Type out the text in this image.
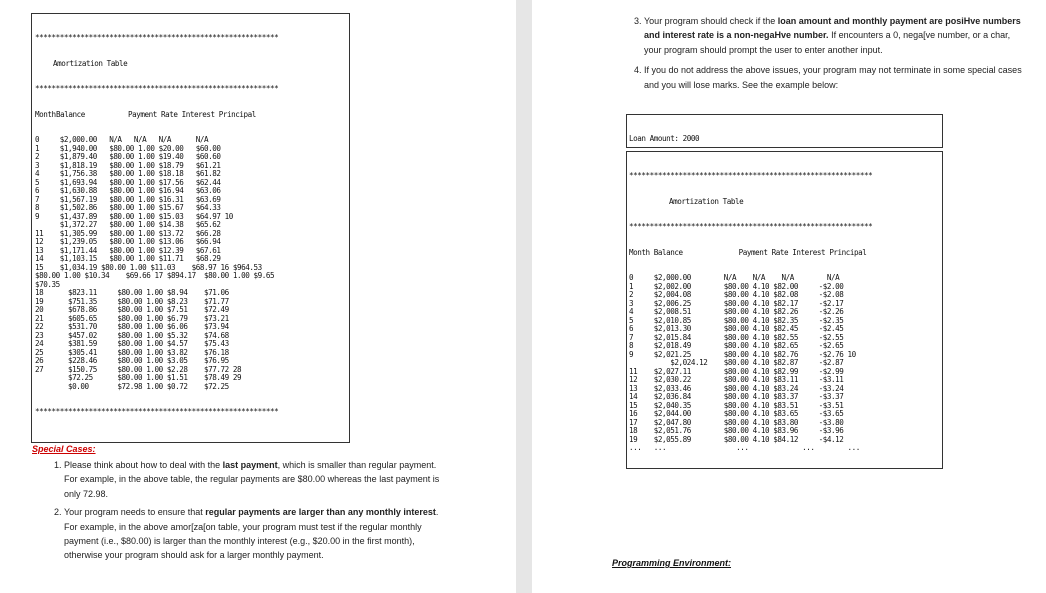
***********************************************************

Amortization Table

***********************************************************

MonthBalance	Payment Rate Interest Principal

0     $2,000.00   N/A   N/A   N/A      N/A
1     $1,940.00   $80.00 1.00 $20.00   $60.00
2     $1,879.40   $80.00 1.00 $19.40   $60.60
3     $1,818.19   $80.00 1.00 $18.79   $61.21
4     $1,756.38   $80.00 1.00 $18.18   $61.82
5     $1,693.94   $80.00 1.00 $17.56   $62.44
6     $1,630.88   $80.00 1.00 $16.94   $63.06
7     $1,567.19   $80.00 1.00 $16.31   $63.69
8     $1,502.86   $80.00 1.00 $15.67   $64.33
9     $1,437.89   $80.00 1.00 $15.03   $64.97 10
$1,372.27   $80.00 1.00 $14.38   $65.62
11    $1,305.99   $80.00 1.00 $13.72   $66.28
12    $1,239.05   $80.00 1.00 $13.06   $66.94
13    $1,171.44   $80.00 1.00 $12.39   $67.61
14    $1,103.15   $80.00 1.00 $11.71   $68.29
15    $1,034.19 $80.00 1.00 $11.03    $68.97 16 $964.53
$80.00 1.00 $10.34    $69.66 17 $894.17  $80.00 1.00 $9.65
$70.35
18      $823.11     $80.00 1.00 $8.94    $71.06
19      $751.35     $80.00 1.00 $8.23    $71.77
20      $678.86     $80.00 1.00 $7.51    $72.49
21      $605.65     $80.00 1.00 $6.79    $73.21
22      $531.70     $80.00 1.00 $6.06    $73.94
23      $457.02     $80.00 1.00 $5.32    $74.68
24      $381.59     $80.00 1.00 $4.57    $75.43
25      $305.41     $80.00 1.00 $3.82    $76.18
26      $228.46     $80.00 1.00 $3.05    $76.95
27      $150.75     $80.00 1.00 $2.28    $77.72 28
$72.25      $80.00 1.00 $1.51    $78.49 29
$0.00       $72.98 1.00 $0.72    $72.25

***********************************************************

Special Cases:
1. Please think about how to deal with the last payment, which is smaller than regular payment. For example, in the above table, the regular payments are $80.00 whereas the last payment is only 72.98.
2. Your program needs to ensure that regular payments are larger than any monthly interest. For example, in the above amor[za[on table, your program must test if the regular monthly payment (i.e., $80.00) is larger than the monthly interest (e.g., $20.00 in the first month), otherwise your program should ask for a larger monthly payment.
3. Your program should check if the loan amount and monthly payment are posiHve numbers and interest rate is a non-negaHve number. If encounters a 0, nega[ve number, or a char, your program should prompt the user to enter another input.
4. If you do not address the above issues, your program may not terminate in some special cases and you will lose marks. See the example below:

Loan Amount: 2000

***********************************************************

Amortization Table

***********************************************************

Month Balance	Payment Rate Interest Principal

0     $2,000.00        N/A    N/A    N/A        N/A
1     $2,002.00        $80.00 4.10 $82.00     -$2.00
2     $2,004.08        $80.00 4.10 $82.08     -$2.08
3     $2,006.25        $80.00 4.10 $82.17     -$2.17
4     $2,008.51        $80.00 4.10 $82.26     -$2.26
5     $2,010.85        $80.00 4.10 $82.35     -$2.35
6     $2,013.30        $80.00 4.10 $82.45     -$2.45
7     $2,015.84        $80.00 4.10 $82.55     -$2.55
8     $2,018.49        $80.00 4.10 $82.65     -$2.65
9     $2,021.25        $80.00 4.10 $82.76     -$2.76 10
$2,024.12    $80.00 4.10 $82.87     -$2.87
11    $2,027.11        $80.00 4.10 $82.99     -$2.99
12    $2,030.22        $80.00 4.10 $83.11     -$3.11
13    $2,033.46        $80.00 4.10 $83.24     -$3.24
14    $2,036.84        $80.00 4.10 $83.37     -$3.37
15    $2,040.35        $80.00 4.10 $83.51     -$3.51
16    $2,044.00        $80.00 4.10 $83.65     -$3.65
17    $2,047.80        $80.00 4.10 $83.80     -$3.80
18    $2,051.76        $80.00 4.10 $83.96     -$3.96
19    $2,055.89        $80.00 4.10 $84.12     -$4.12
...   ...                 ...             ...        ...

Programming Environment:
